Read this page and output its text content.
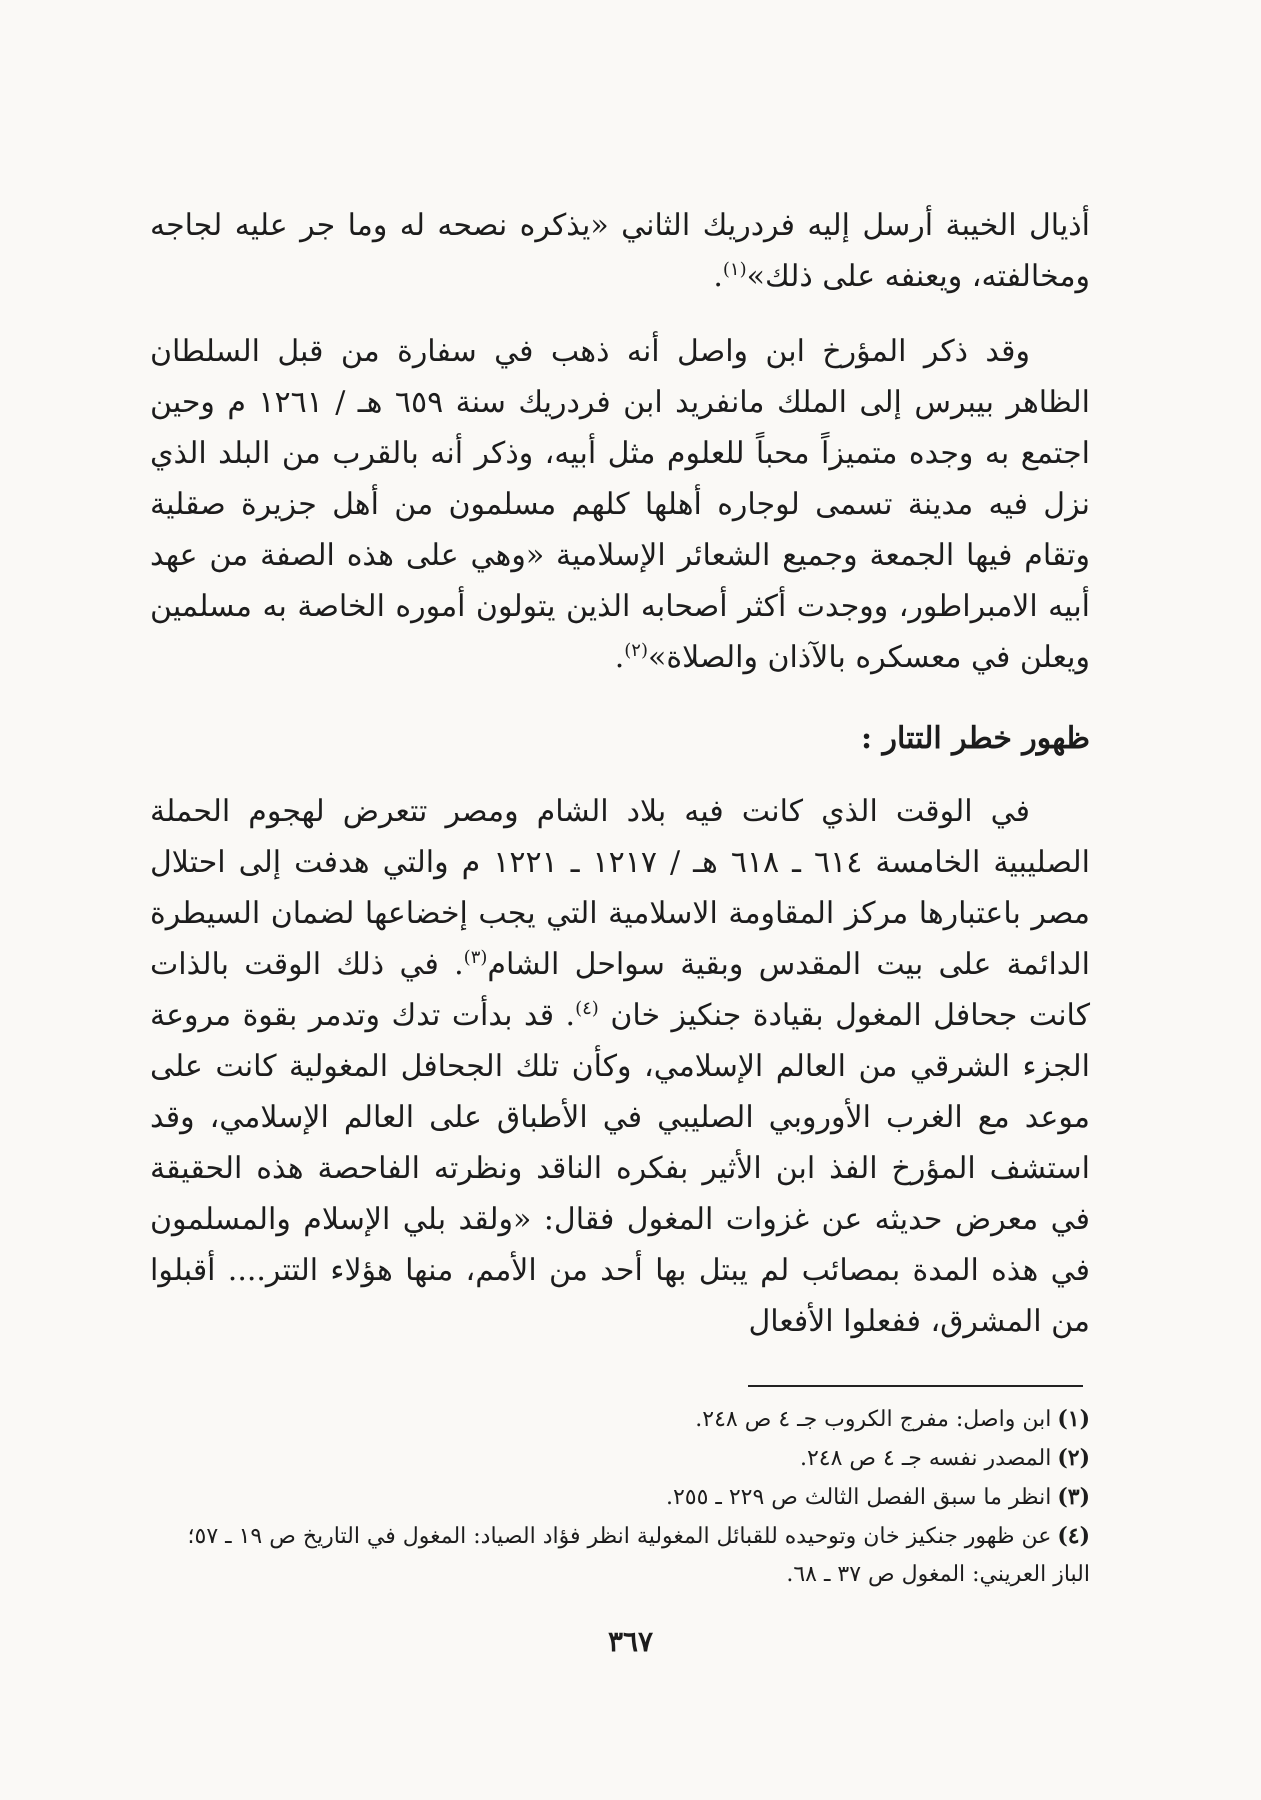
أذيال الخيبة أرسل إليه فردريك الثاني «يذكره نصحه له وما جر عليه لجاجه ومخالفته، ويعنفه على ذلك»$^{(١)}$.

وقد ذكر المؤرخ ابن واصل أنه ذهب في سفارة من قبل السلطان الظاهر بيبرس إلى الملك مانفريد ابن فردريك سنة ٦٥٩ هـ / ١٢٦١ م وحين اجتمع به وجده متميزاً محباً للعلوم مثل أبيه، وذكر أنه بالقرب من البلد الذي نزل فيه مدينة تسمى لوجاره أهلها كلهم مسلمون من أهل جزيرة صقلية وتقام فيها الجمعة وجميع الشعائر الإسلامية «وهي على هذه الصفة من عهد أبيه الامبراطور، ووجدت أكثر أصحابه الذين يتولون أموره الخاصة به مسلمين ويعلن في معسكره بالآذان والصلاة»$^{(٢)}$.

ظهور خطر التتار :

في الوقت الذي كانت فيه بلاد الشام ومصر تتعرض لهجوم الحملة الصليبية الخامسة ٦١٤ ـ ٦١٨ هـ / ١٢١٧ ـ ١٢٢١ م والتي هدفت إلى احتلال مصر باعتبارها مركز المقاومة الاسلامية التي يجب إخضاعها لضمان السيطرة الدائمة على بيت المقدس وبقية سواحل الشام$^{(٣)}$. في ذلك الوقت بالذات كانت جحافل المغول بقيادة جنكيز خان $^{(٤)}$. قد بدأت تدك وتدمر بقوة مروعة الجزء الشرقي من العالم الإسلامي، وكأن تلك الجحافل المغولية كانت على موعد مع الغرب الأوروبي الصليبي في الأطباق على العالم الإسلامي، وقد استشف المؤرخ الفذ ابن الأثير بفكره الناقد ونظرته الفاحصة هذه الحقيقة في معرض حديثه عن غزوات المغول فقال: «ولقد بلي الإسلام والمسلمون في هذه المدة بمصائب لم يبتل بها أحد من الأمم، منها هؤلاء التتر.... أقبلوا من المشرق، ففعلوا الأفعال

(١)ابن واصل: مفرج الكروب جـ ٤ ص ٢٤٨.

(٢)المصدر نفسه جـ ٤ ص ٢٤٨.

(٣)انظر ما سبق الفصل الثالث ص ٢٢٩ ـ ٢٥٥.

(٤)عن ظهور جنكيز خان وتوحيده للقبائل المغولية انظر فؤاد الصياد: المغول في التاريخ ص ١٩ ـ ٥٧؛ الباز العريني: المغول ص ٣٧ ـ ٦٨.

٣٦٧
